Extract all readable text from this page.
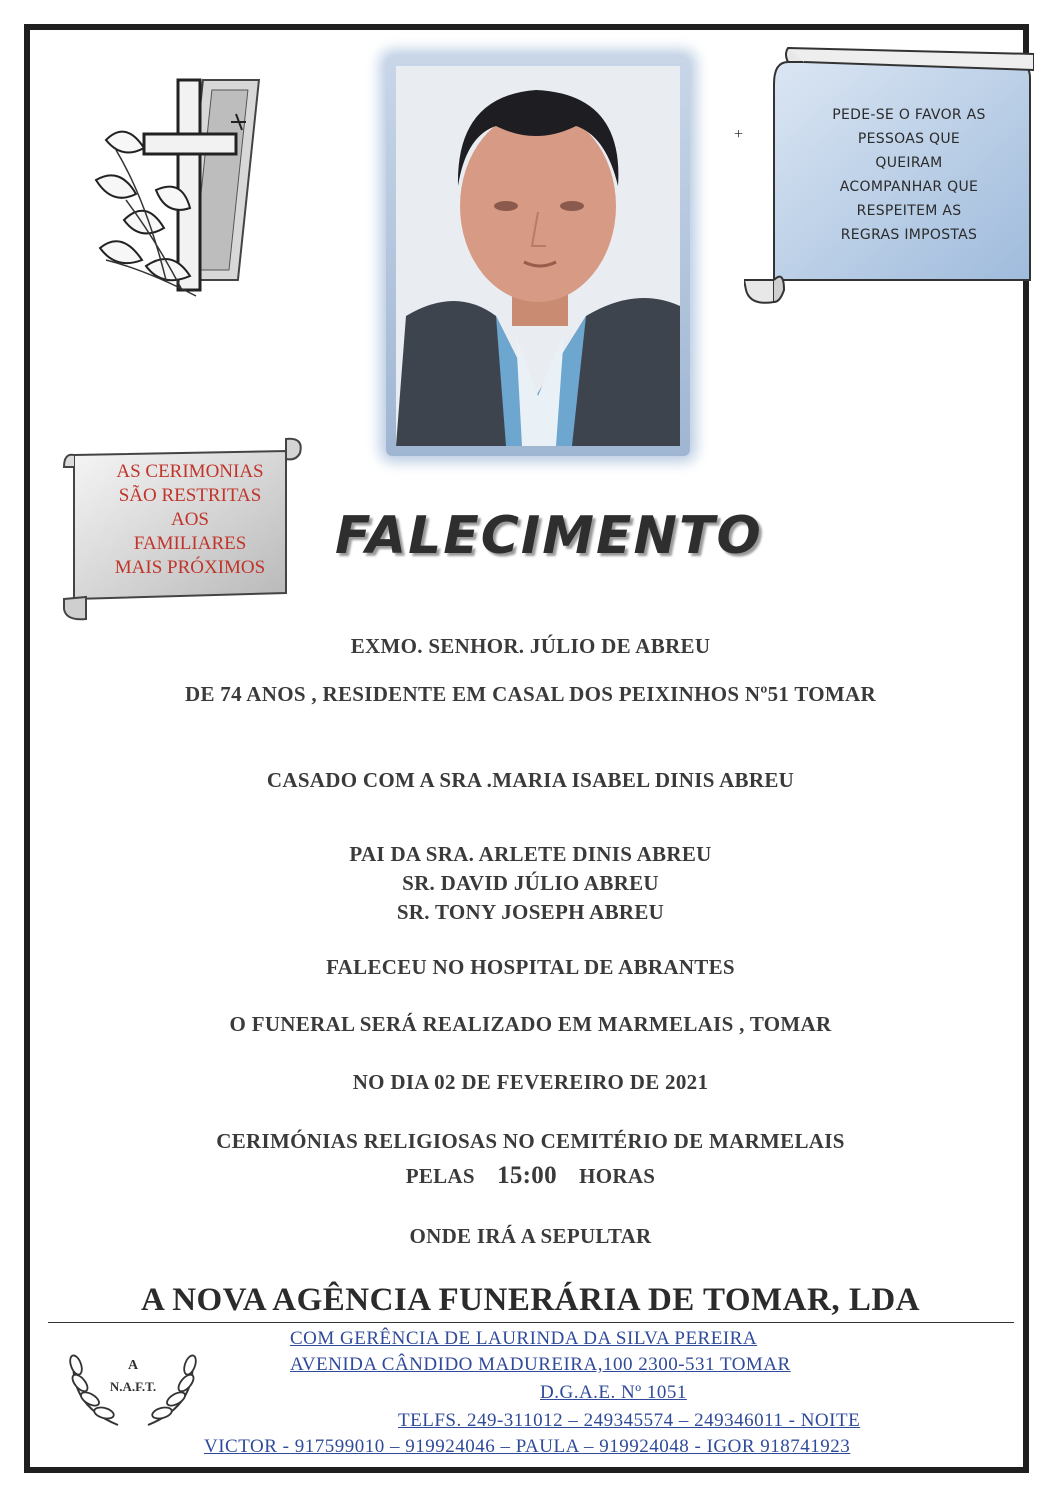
+
PEDE-SE O FAVOR AS
PESSOAS QUE
QUEIRAM
ACOMPANHAR QUE
RESPEITEM AS
REGRAS IMPOSTAS
AS CERIMONIAS
SÃO RESTRITAS
AOS
FAMILIARES
MAIS PRÓXIMOS
FALECIMENTO
EXMO. SENHOR. JÚLIO DE ABREU
DE 74 ANOS , RESIDENTE EM CASAL DOS PEIXINHOS Nº51 TOMAR
CASADO COM A SRA .MARIA ISABEL DINIS ABREU
PAI DA SRA. ARLETE DINIS ABREU
SR. DAVID JÚLIO ABREU
SR. TONY JOSEPH ABREU
FALECEU NO HOSPITAL DE ABRANTES
O FUNERAL SERÁ REALIZADO EM MARMELAIS , TOMAR
NO DIA 02 DE FEVEREIRO DE 2021
CERIMÓNIAS RELIGIOSAS NO CEMITÉRIO DE MARMELAIS
PELAS 15:00 HORAS
ONDE IRÁ A SEPULTAR
A NOVA AGÊNCIA FUNERÁRIA DE TOMAR, LDA
A
N.A.F.T.
COM GERÊNCIA DE LAURINDA DA SILVA PEREIRA
AVENIDA CÂNDIDO MADUREIRA,100 2300-531 TOMAR
D.G.A.E. Nº 1051
TELFS. 249-311012 – 249345574 – 249346011 - NOITE
VICTOR - 917599010 – 919924046 – PAULA – 919924048 - IGOR 918741923
